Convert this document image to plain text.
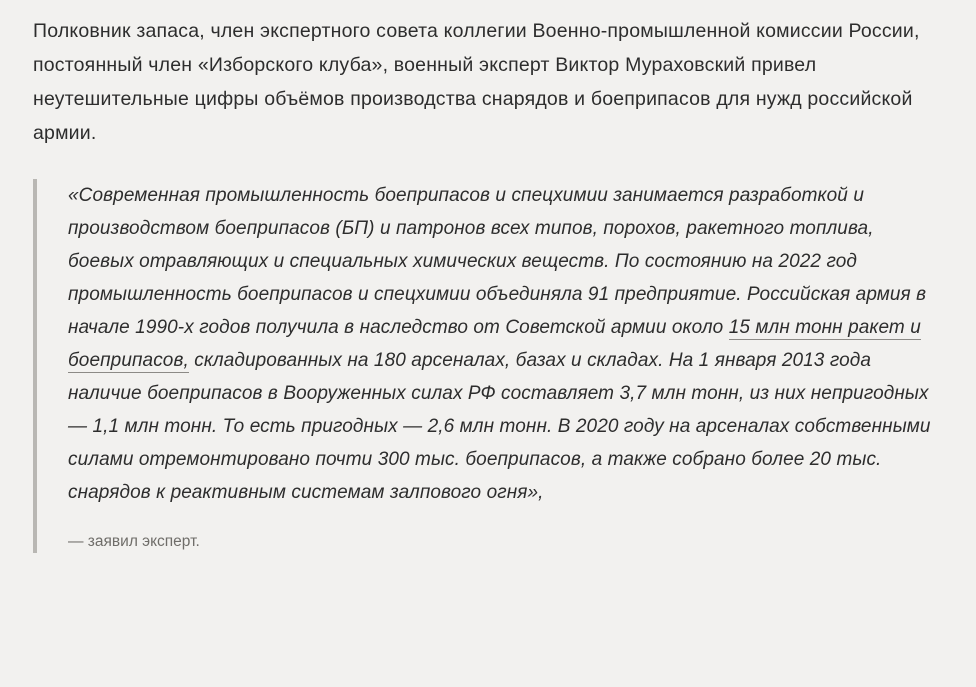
Полковник запаса, член экспертного совета коллегии Военно-промышленной комиссии России, постоянный член «Изборского клуба», военный эксперт Виктор Мураховский привел неутешительные цифры объёмов производства снарядов и боеприпасов для нужд российской армии.

«Современная промышленность боеприпасов и спецхимии занимается разработкой и производством боеприпасов (БП) и патронов всех типов, порохов, ракетного топлива, боевых отравляющих и специальных химических веществ. По состоянию на 2022 год промышленность боеприпасов и спецхимии объединяла 91 предприятие. Российская армия в начале 1990-х годов получила в наследство от Советской армии около 15 млн тонн ракет и боеприпасов, складированных на 180 арсеналах, базах и складах. На 1 января 2013 года наличие боеприпасов в Вооруженных силах РФ составляет 3,7 млн тонн, из них непригодных — 1,1 млн тонн. То есть пригодных — 2,6 млн тонн. В 2020 году на арсеналах собственными силами отремонтировано почти 300 тыс. боеприпасов, а также собрано более 20 тыс. снарядов к реактивным системам залпового огня»,

— заявил эксперт.
